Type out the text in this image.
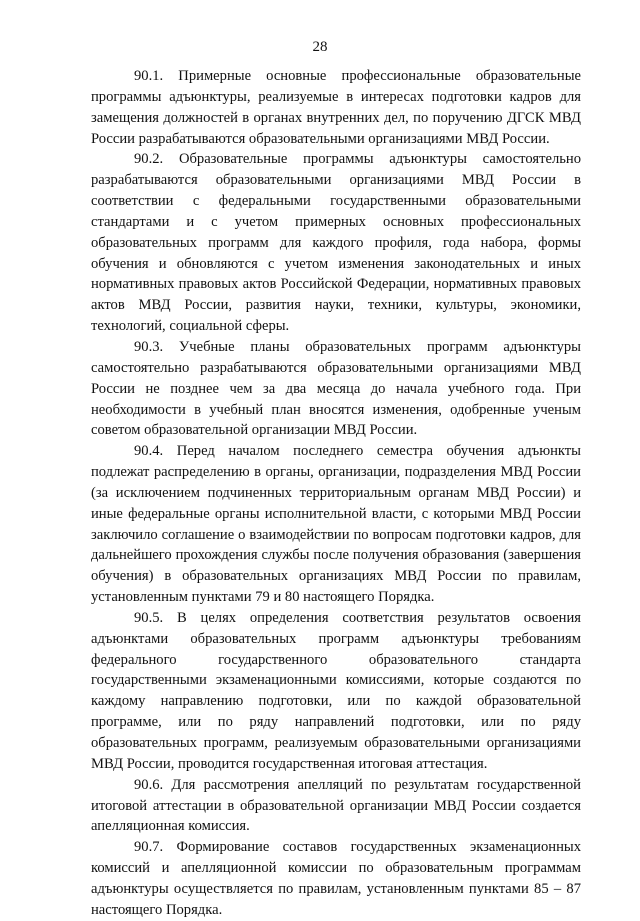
28

90.1. Примерные основные профессиональные образовательные программы адъюнктуры, реализуемые в интересах подготовки кадров для замещения должностей в органах внутренних дел, по поручению ДГСК МВД России разрабатываются образовательными организациями МВД России.

90.2. Образовательные программы адъюнктуры самостоятельно разрабатываются образовательными организациями МВД России в соответствии с федеральными государственными образовательными стандартами и с учетом примерных основных профессиональных образовательных программ для каждого профиля, года набора, формы обучения и обновляются с учетом изменения законодательных и иных нормативных правовых актов Российской Федерации, нормативных правовых актов МВД России, развития науки, техники, культуры, экономики, технологий, социальной сферы.

90.3. Учебные планы образовательных программ адъюнктуры самостоятельно разрабатываются образовательными организациями МВД России не позднее чем за два месяца до начала учебного года. При необходимости в учебный план вносятся изменения, одобренные ученым советом образовательной организации МВД России.

90.4. Перед началом последнего семестра обучения адъюнкты подлежат распределению в органы, организации, подразделения МВД России (за исключением подчиненных территориальным органам МВД России) и иные федеральные органы исполнительной власти, с которыми МВД России заключило соглашение о взаимодействии по вопросам подготовки кадров, для дальнейшего прохождения службы после получения образования (завершения обучения) в образовательных организациях МВД России по правилам, установленным пунктами 79 и 80 настоящего Порядка.

90.5. В целях определения соответствия результатов освоения адъюнктами образовательных программ адъюнктуры требованиям федерального государственного образовательного стандарта государственными экзаменационными комиссиями, которые создаются по каждому направлению подготовки, или по каждой образовательной программе, или по ряду направлений подготовки, или по ряду образовательных программ, реализуемым образовательными организациями МВД России, проводится государственная итоговая аттестация.

90.6. Для рассмотрения апелляций по результатам государственной итоговой аттестации в образовательной организации МВД России создается апелляционная комиссия.

90.7. Формирование составов государственных экзаменационных комиссий и апелляционной комиссии по образовательным программам адъюнктуры осуществляется по правилам, установленным пунктами 85 – 87 настоящего Порядка.
